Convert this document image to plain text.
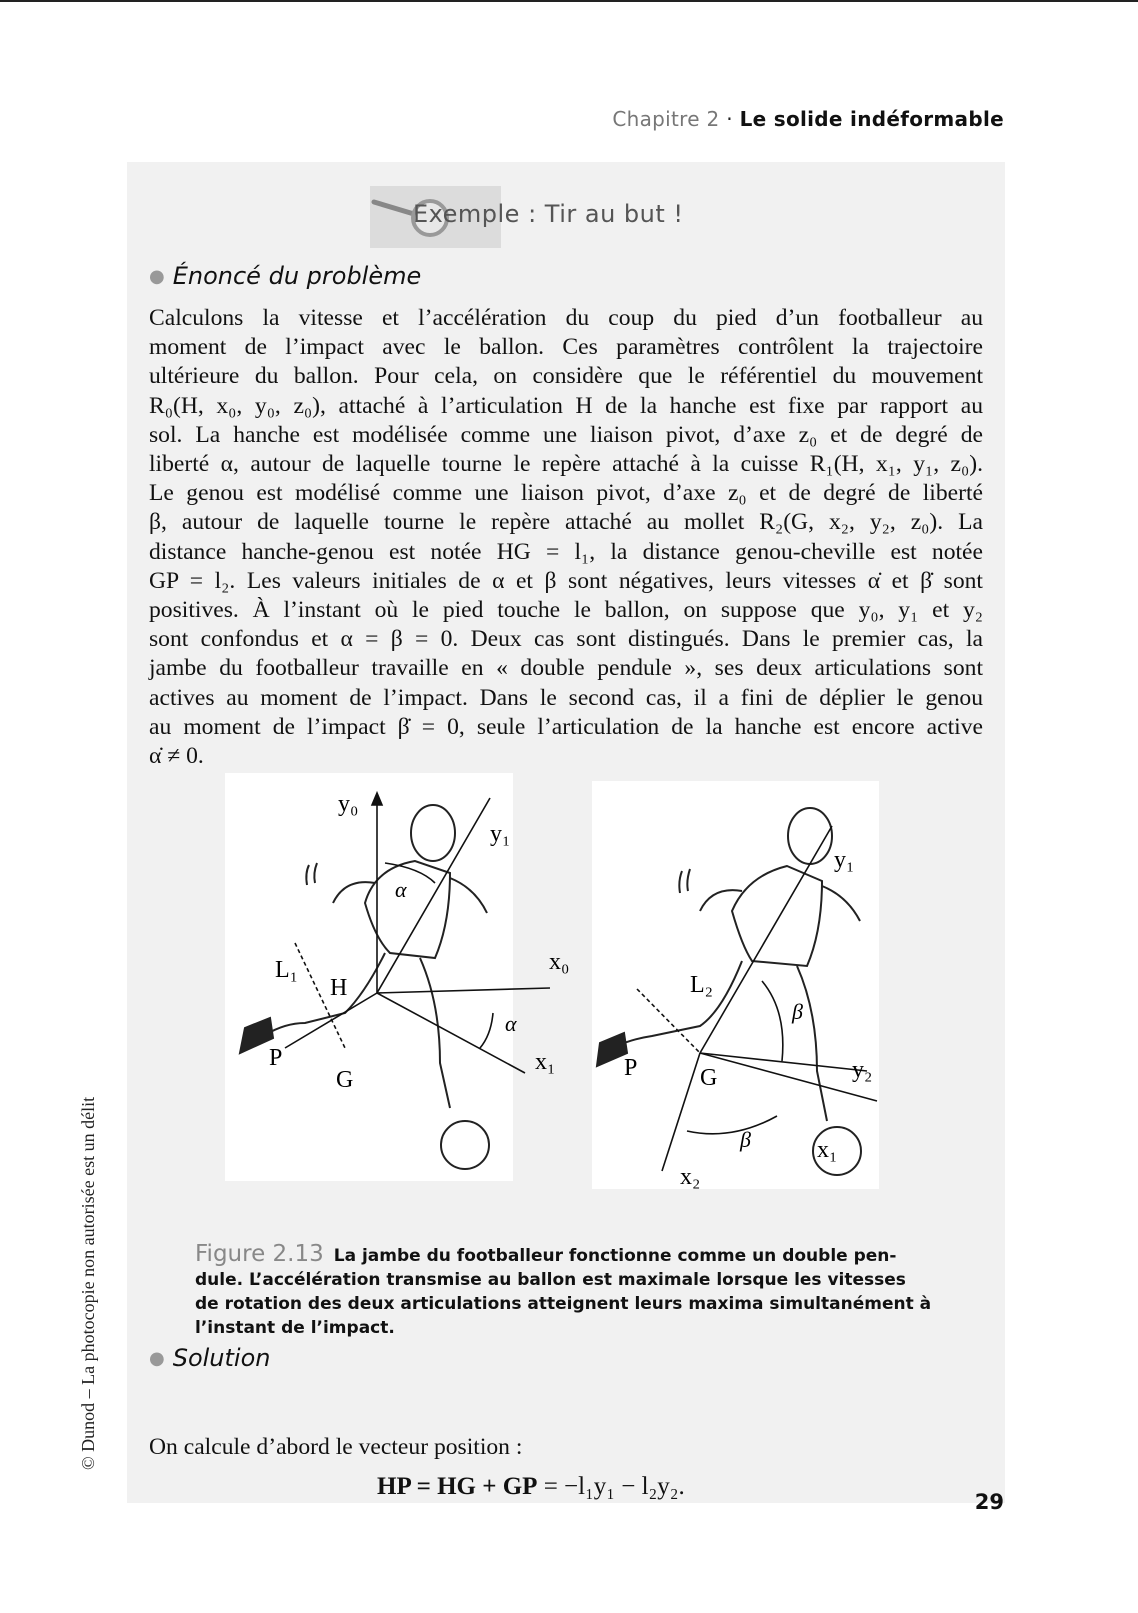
Chapitre 2 · Le solide indéformable
© Dunod – La photocopie non autorisée est un délit
Exemple : Tir au but !
● Énoncé du problème
Calculons la vitesse et l’accélération du coup du pied d’un footballeur au
moment de l’impact avec le ballon. Ces paramètres contrôlent la trajectoire
ultérieure du ballon. Pour cela, on considère que le référentiel du mouvement
R₀(H, x₀, y₀, z₀), attaché à l’articulation H de la hanche est fixe par rapport au
sol. La hanche est modélisée comme une liaison pivot, d’axe z₀ et de degré de
liberté α, autour de laquelle tourne le repère attaché à la cuisse R₁(H, x₁, y₁, z₀).
Le genou est modélisé comme une liaison pivot, d’axe z₀ et de degré de liberté
β, autour de laquelle tourne le repère attaché au mollet R₂(G, x₂, y₂, z₀). La
distance hanche-genou est notée HG = l₁, la distance genou-cheville est notée
GP = l₂. Les valeurs initiales de α et β sont négatives, leurs vitesses α̇ et β̇ sont
positives. À l’instant où le pied touche le ballon, on suppose que y₀, y₁ et y₂
sont confondus et α = β = 0. Deux cas sont distingués. Dans le premier cas, la
jambe du footballeur travaille en « double pendule », ses deux articulations sont
actives au moment de l’impact. Dans le second cas, il a fini de déplier le genou
au moment de l’impact β̇ = 0, seule l’articulation de la hanche est encore active
α̇ ≠ 0.
y₀
y₁
α
x₀
α
L₁
H
P
G
x₁
y₁
L₂
β
y₂
P	G
β	x₁
x₂
Figure 2.13 La jambe du footballeur fonctionne comme un double pen-
dule. L’accélération transmise au ballon est maximale lorsque les vitesses
de rotation des deux articulations atteignent leurs maxima simultanément à
l’instant de l’impact.
● Solution
On calcule d’abord le vecteur position :
HP = HG + GP = −l₁y₁ − l₂y₂.
29
